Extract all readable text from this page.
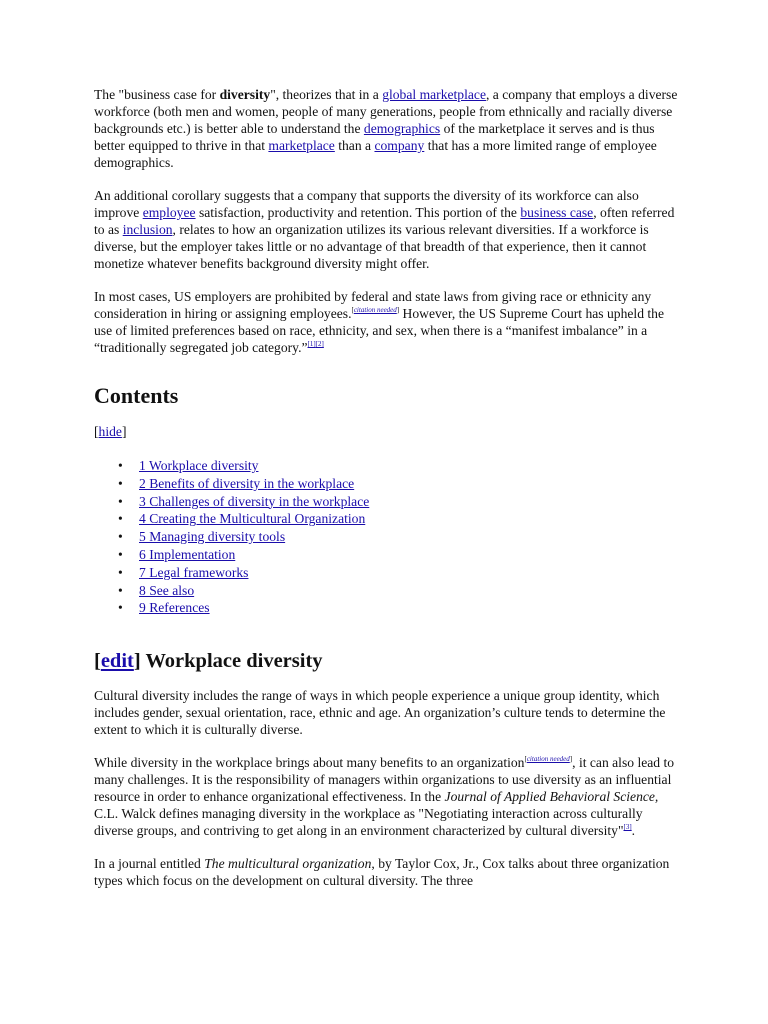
The "business case for diversity", theorizes that in a global marketplace, a company that employs a diverse workforce (both men and women, people of many generations, people from ethnically and racially diverse backgrounds etc.) is better able to understand the demographics of the marketplace it serves and is thus better equipped to thrive in that marketplace than a company that has a more limited range of employee demographics.

An additional corollary suggests that a company that supports the diversity of its workforce can also improve employee satisfaction, productivity and retention. This portion of the business case, often referred to as inclusion, relates to how an organization utilizes its various relevant diversities. If a workforce is diverse, but the employer takes little or no advantage of that breadth of that experience, then it cannot monetize whatever benefits background diversity might offer.

In most cases, US employers are prohibited by federal and state laws from giving race or ethnicity any consideration in hiring or assigning employees.[citation needed] However, the US Supreme Court has upheld the use of limited preferences based on race, ethnicity, and sex, when there is a “manifest imbalance” in a “traditionally segregated job category.”[1][2]

Contents
[hide]
• 1 Workplace diversity
• 2 Benefits of diversity in the workplace
• 3 Challenges of diversity in the workplace
• 4 Creating the Multicultural Organization
• 5 Managing diversity tools
• 6 Implementation
• 7 Legal frameworks
• 8 See also
• 9 References
[edit] Workplace diversity

Cultural diversity includes the range of ways in which people experience a unique group identity, which includes gender, sexual orientation, race, ethnic and age. An organization’s culture tends to determine the extent to which it is culturally diverse.

While diversity in the workplace brings about many benefits to an organization[citation needed], it can also lead to many challenges. It is the responsibility of managers within organizations to use diversity as an influential resource in order to enhance organizational effectiveness. In the Journal of Applied Behavioral Science, C.L. Walck defines managing diversity in the workplace as "Negotiating interaction across culturally diverse groups, and contriving to get along in an environment characterized by cultural diversity"[3].

In a journal entitled The multicultural organization, by Taylor Cox, Jr., Cox talks about three organization types which focus on the development on cultural diversity. The three
